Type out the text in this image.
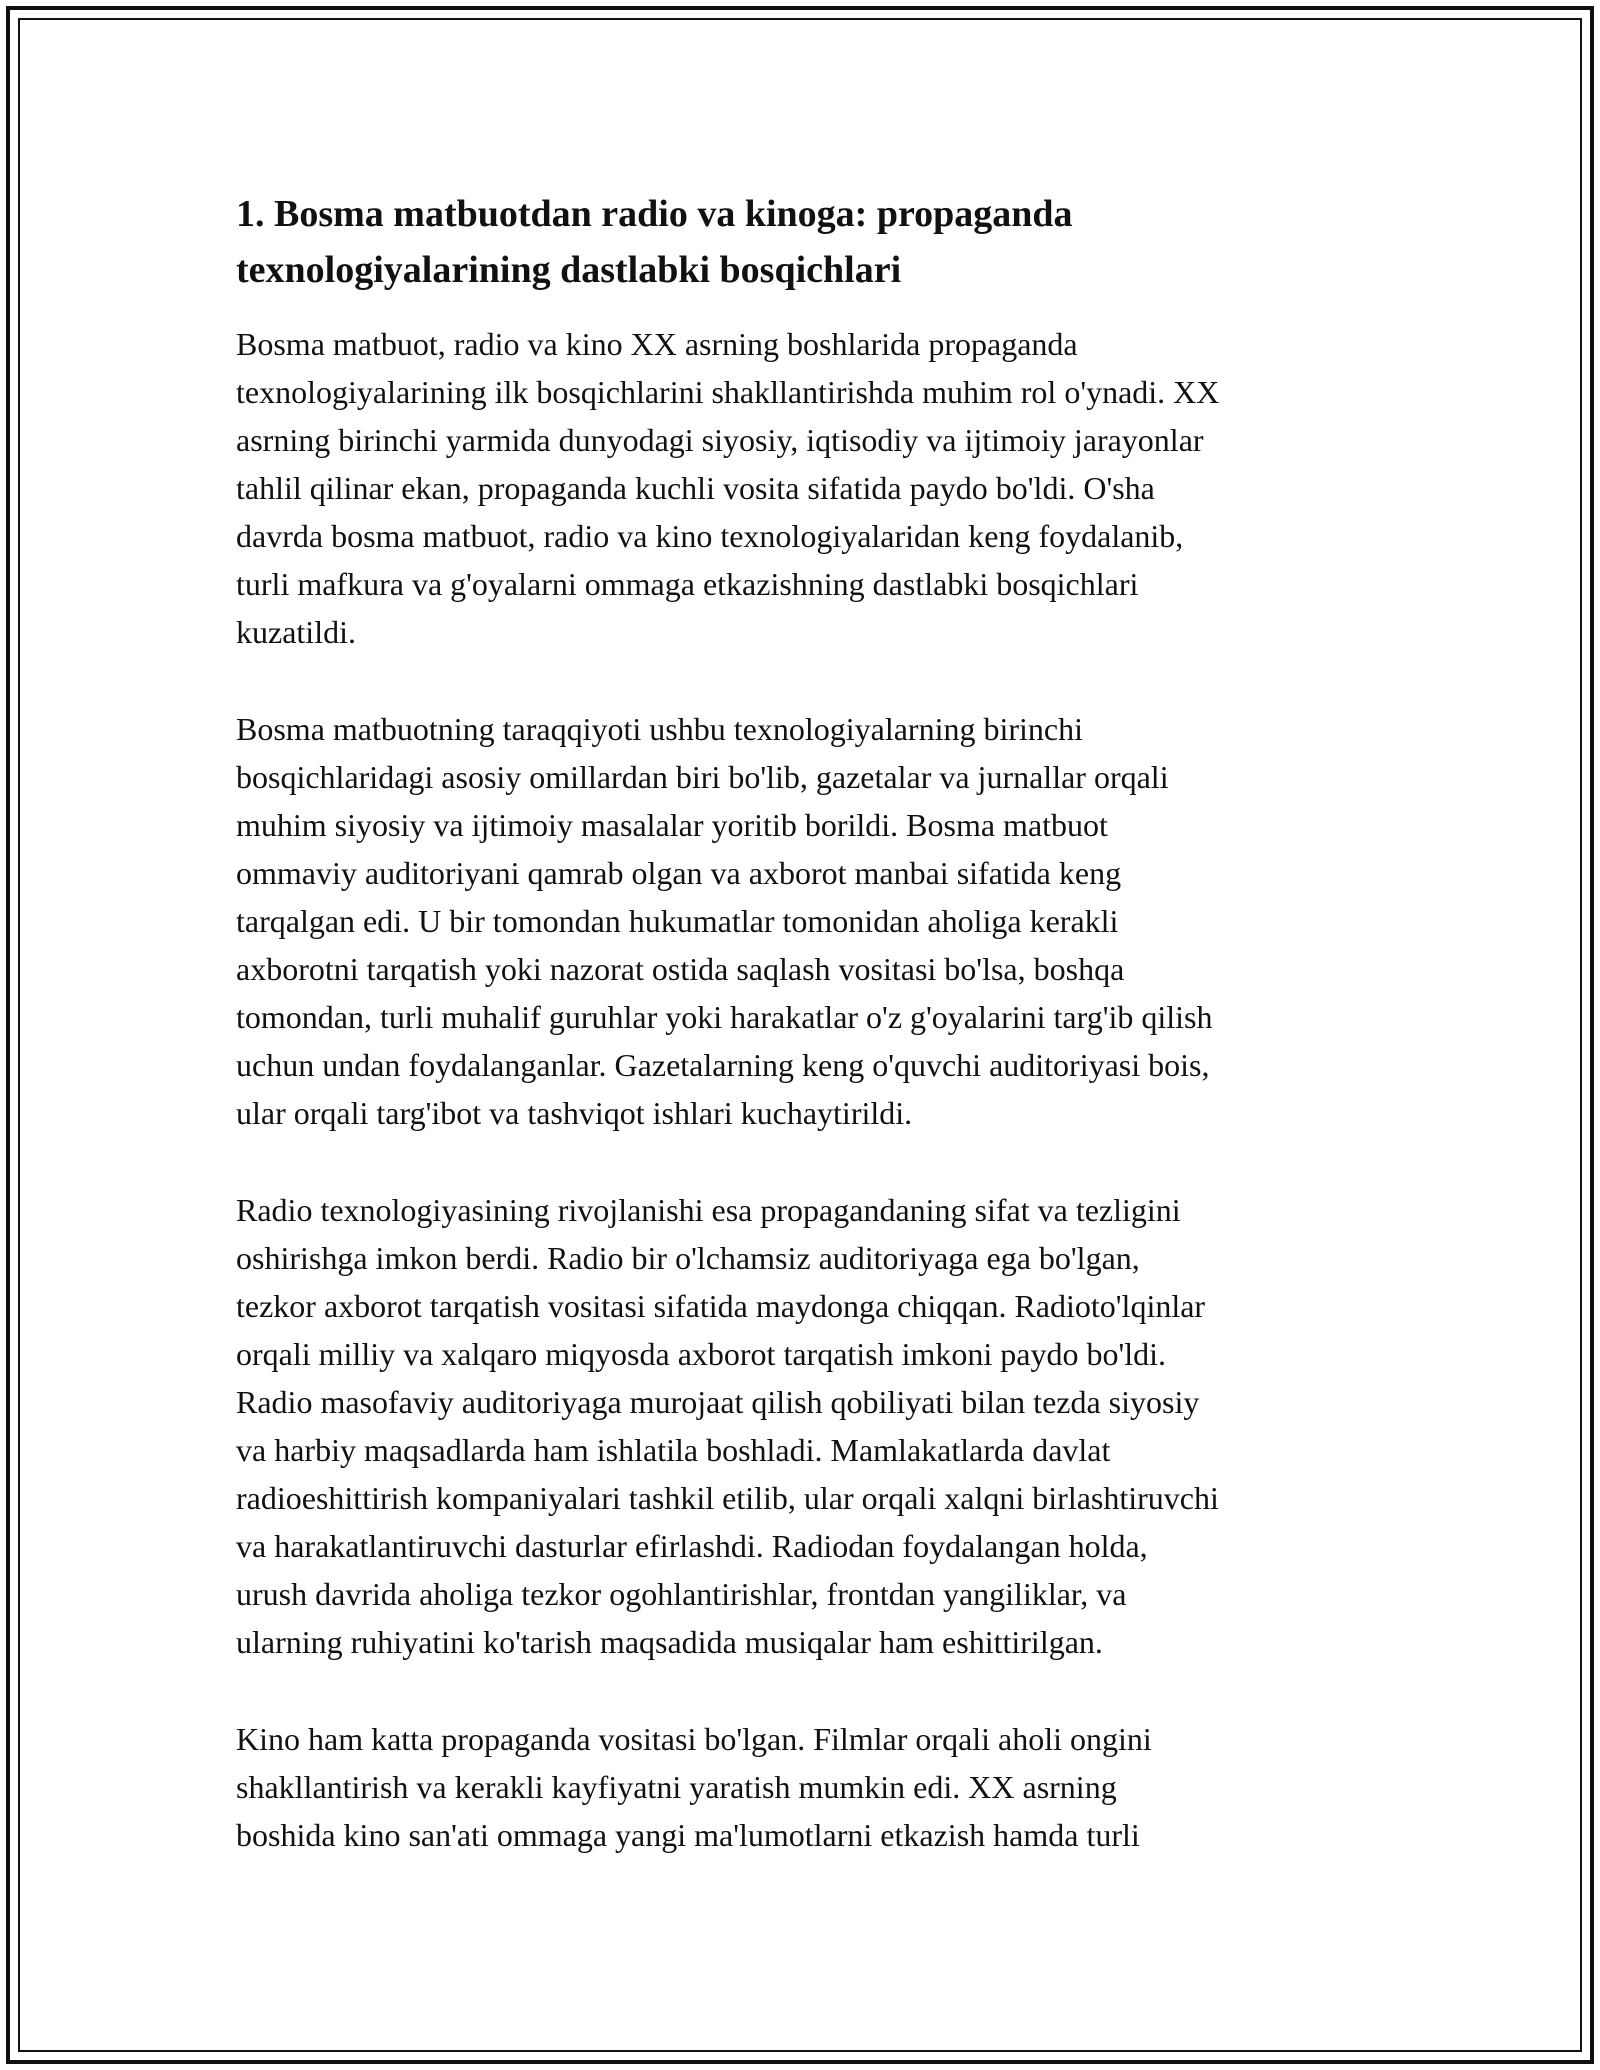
1. Bosma matbuotdan radio va kinoga: propaganda
texnologiyalarining dastlabki bosqichlari
Bosma matbuot, radio va kino XX asrning boshlarida propaganda
texnologiyalarining ilk bosqichlarini shakllantirishda muhim rol o'ynadi. XX
asrning birinchi yarmida dunyodagi siyosiy, iqtisodiy va ijtimoiy jarayonlar
tahlil qilinar ekan, propaganda kuchli vosita sifatida paydo bo'ldi. O'sha
davrda bosma matbuot, radio va kino texnologiyalaridan keng foydalanib,
turli mafkura va g'oyalarni ommaga etkazishning dastlabki bosqichlari
kuzatildi.
Bosma matbuotning taraqqiyoti ushbu texnologiyalarning birinchi
bosqichlaridagi asosiy omillardan biri bo'lib, gazetalar va jurnallar orqali
muhim siyosiy va ijtimoiy masalalar yoritib borildi. Bosma matbuot
ommaviy auditoriyani qamrab olgan va axborot manbai sifatida keng
tarqalgan edi. U bir tomondan hukumatlar tomonidan aholiga kerakli
axborotni tarqatish yoki nazorat ostida saqlash vositasi bo'lsa, boshqa
tomondan, turli muhalif guruhlar yoki harakatlar o'z g'oyalarini targ'ib qilish
uchun undan foydalanganlar. Gazetalarning keng o'quvchi auditoriyasi bois,
ular orqali targ'ibot va tashviqot ishlari kuchaytirildi.
Radio texnologiyasining rivojlanishi esa propagandaning sifat va tezligini
oshirishga imkon berdi. Radio bir o'lchamsiz auditoriyaga ega bo'lgan,
tezkor axborot tarqatish vositasi sifatida maydonga chiqqan. Radioto'lqinlar
orqali milliy va xalqaro miqyosda axborot tarqatish imkoni paydo bo'ldi.
Radio masofaviy auditoriyaga murojaat qilish qobiliyati bilan tezda siyosiy
va harbiy maqsadlarda ham ishlatila boshladi. Mamlakatlarda davlat
radioeshittirish kompaniyalari tashkil etilib, ular orqali xalqni birlashtiruvchi
va harakatlantiruvchi dasturlar efirlashdi. Radiodan foydalangan holda,
urush davrida aholiga tezkor ogohlantirishlar, frontdan yangiliklar, va
ularning ruhiyatini ko'tarish maqsadida musiqalar ham eshittirilgan.
Kino ham katta propaganda vositasi bo'lgan. Filmlar orqali aholi ongini
shakllantirish va kerakli kayfiyatni yaratish mumkin edi. XX asrning
boshida kino san'ati ommaga yangi ma'lumotlarni etkazish hamda turli
